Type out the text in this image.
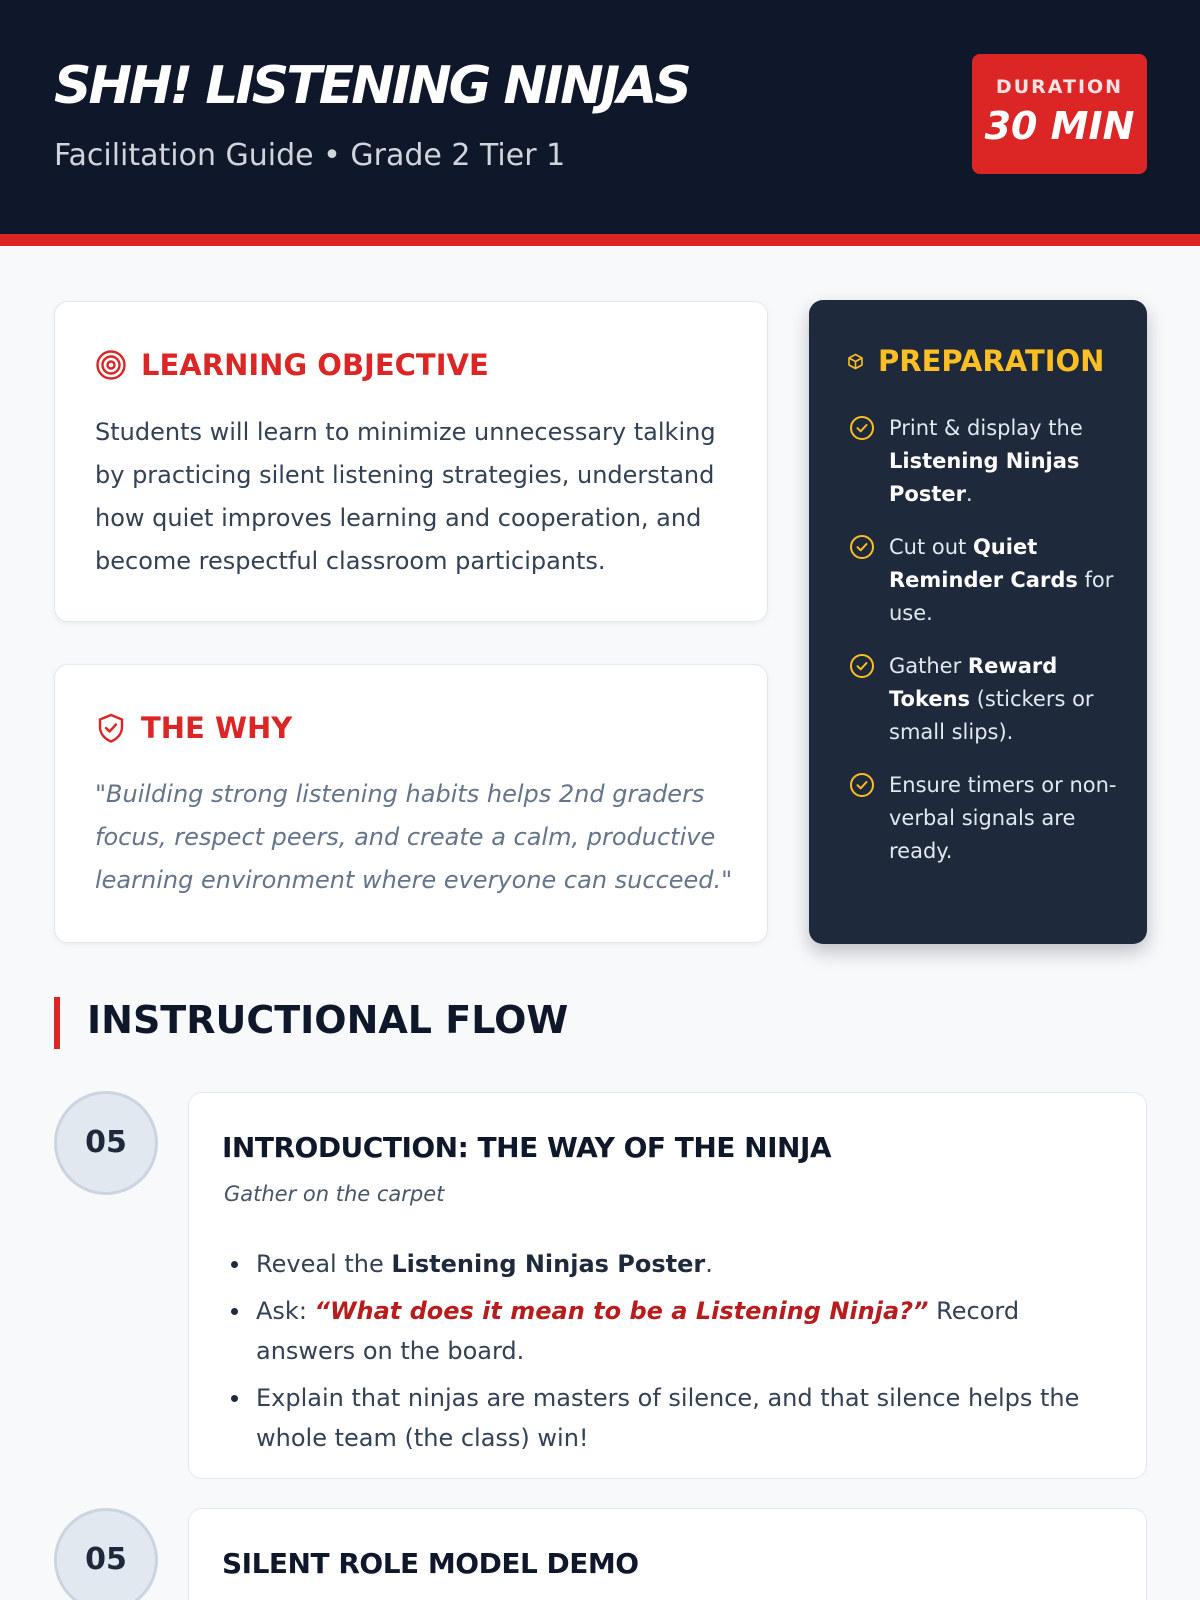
SHH! LISTENING NINJAS
Facilitation Guide • Grade 2 Tier 1
DURATION
30 MIN
LEARNING OBJECTIVE
Students will learn to minimize unnecessary talking by practicing silent listening strategies, understand how quiet improves learning and cooperation, and become respectful classroom participants.
THE WHY
"Building strong listening habits helps 2nd graders focus, respect peers, and create a calm, productive learning environment where everyone can succeed."
PREPARATION
Print & display the Listening Ninjas Poster.
Cut out Quiet Reminder Cards for use.
Gather Reward Tokens (stickers or small slips).
Ensure timers or non-verbal signals are ready.
INSTRUCTIONAL FLOW
05	INTRODUCTION: THE WAY OF THE NINJA
Gather on the carpet
Reveal the Listening Ninjas Poster.
Ask: “What does it mean to be a Listening Ninja?” Record answers on the board.
Explain that ninjas are masters of silence, and that silence helps the whole team (the class) win!
05	SILENT ROLE MODEL DEMO
